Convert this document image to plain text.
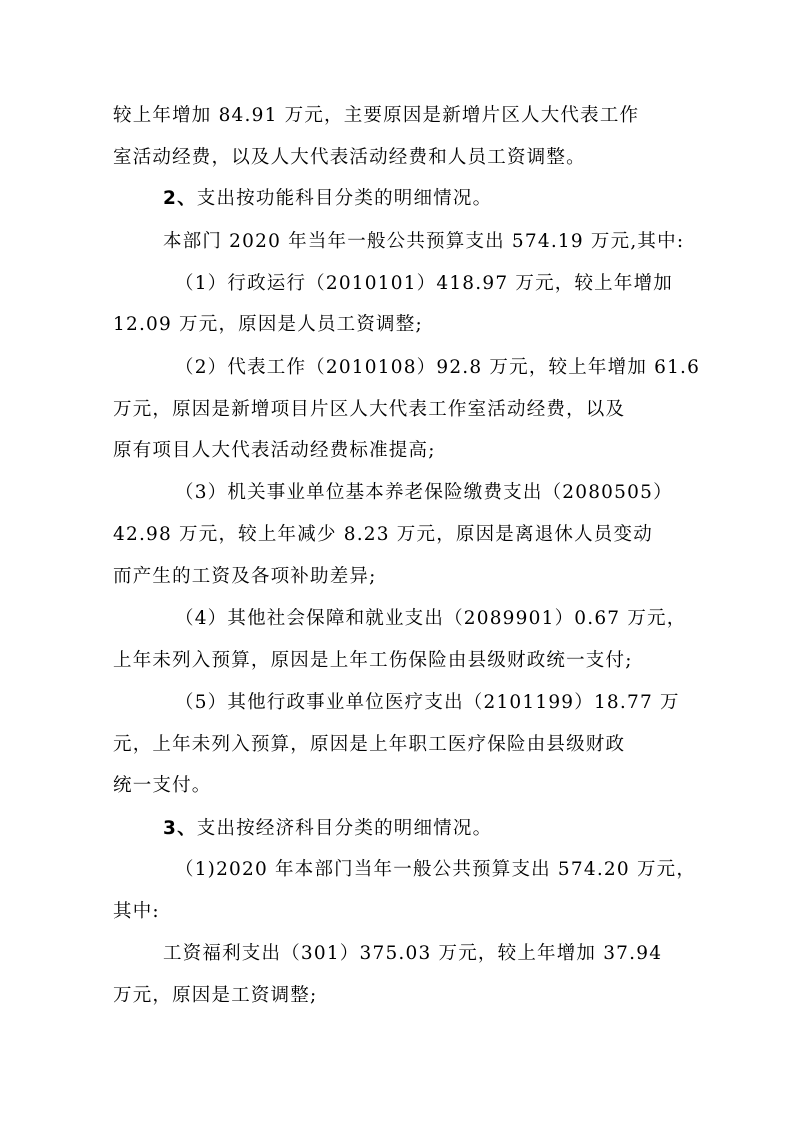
较上年增加 84.91 万元，主要原因是新增片区人大代表工作
室活动经费，以及人大代表活动经费和人员工资调整。
2、支出按功能科目分类的明细情况。
本部门 2020 年当年一般公共预算支出 574.19 万元,其中:
（1）行政运行（2010101）418.97 万元，较上年增加
12.09 万元，原因是人员工资调整;
（2）代表工作（2010108）92.8 万元，较上年增加 61.6
万元，原因是新增项目片区人大代表工作室活动经费，以及
原有项目人大代表活动经费标准提高;
（3）机关事业单位基本养老保险缴费支出（2080505）
42.98 万元，较上年减少 8.23 万元，原因是离退休人员变动
而产生的工资及各项补助差异;
（4）其他社会保障和就业支出（2089901）0.67 万元，
上年未列入预算，原因是上年工伤保险由县级财政统一支付;
（5）其他行政事业单位医疗支出（2101199）18.77 万
元，上年未列入预算，原因是上年职工医疗保险由县级财政
统一支付。
3、支出按经济科目分类的明细情况。
（1)2020 年本部门当年一般公共预算支出 574.20 万元，
其中:
工资福利支出（301）375.03 万元，较上年增加 37.94
万元，原因是工资调整;
